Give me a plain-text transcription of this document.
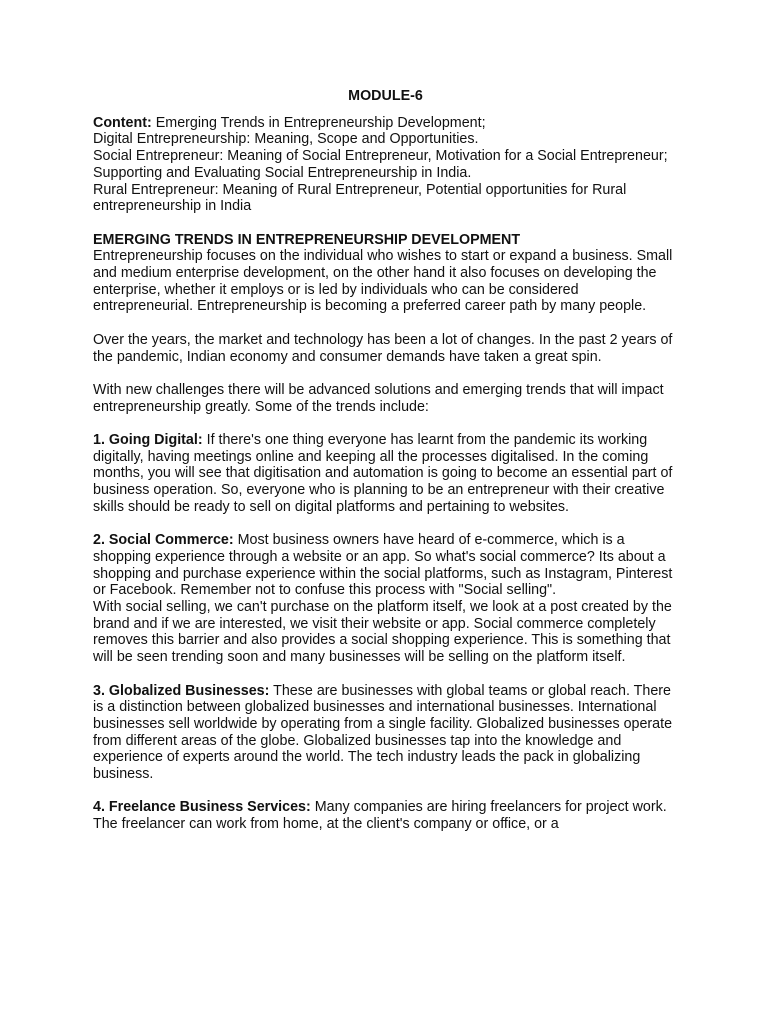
MODULE-6

Content: Emerging Trends in Entrepreneurship Development;
Digital Entrepreneurship: Meaning, Scope and Opportunities.
Social Entrepreneur: Meaning of Social Entrepreneur, Motivation for a Social Entrepreneur; Supporting and Evaluating Social Entrepreneurship in India.
Rural Entrepreneur: Meaning of Rural Entrepreneur, Potential opportunities for Rural entrepreneurship in India

EMERGING TRENDS IN ENTREPRENEURSHIP DEVELOPMENT

Entrepreneurship focuses on the individual who wishes to start or expand a business. Small and medium enterprise development, on the other hand it also focuses on developing the enterprise, whether it employs or is led by individuals who can be considered entrepreneurial. Entrepreneurship is becoming a preferred career path by many people.

Over the years, the market and technology has been a lot of changes. In the past 2 years of the pandemic, Indian economy and consumer demands have taken a great spin.

With new challenges there will be advanced solutions and emerging trends that will impact entrepreneurship greatly. Some of the trends include:

1. Going Digital: If there's one thing everyone has learnt from the pandemic its working digitally, having meetings online and keeping all the processes digitalised. In the coming months, you will see that digitisation and automation is going to become an essential part of business operation. So, everyone who is planning to be an entrepreneur with their creative skills should be ready to sell on digital platforms and pertaining to websites.

2. Social Commerce: Most business owners have heard of e-commerce, which is a shopping experience through a website or an app. So what's social commerce? Its about a shopping and purchase experience within the social platforms, such as Instagram, Pinterest or Facebook. Remember not to confuse this process with "Social selling".
With social selling, we can't purchase on the platform itself, we look at a post created by the brand and if we are interested, we visit their website or app. Social commerce completely removes this barrier and also provides a social shopping experience. This is something that will be seen trending soon and many businesses will be selling on the platform itself.

3. Globalized Businesses: These are businesses with global teams or global reach. There is a distinction between globalized businesses and international businesses. International businesses sell worldwide by operating from a single facility. Globalized businesses operate from different areas of the globe. Globalized businesses tap into the knowledge and experience of experts around the world. The tech industry leads the pack in globalizing business.

4. Freelance Business Services: Many companies are hiring freelancers for project work. The freelancer can work from home, at the client's company or office, or a
